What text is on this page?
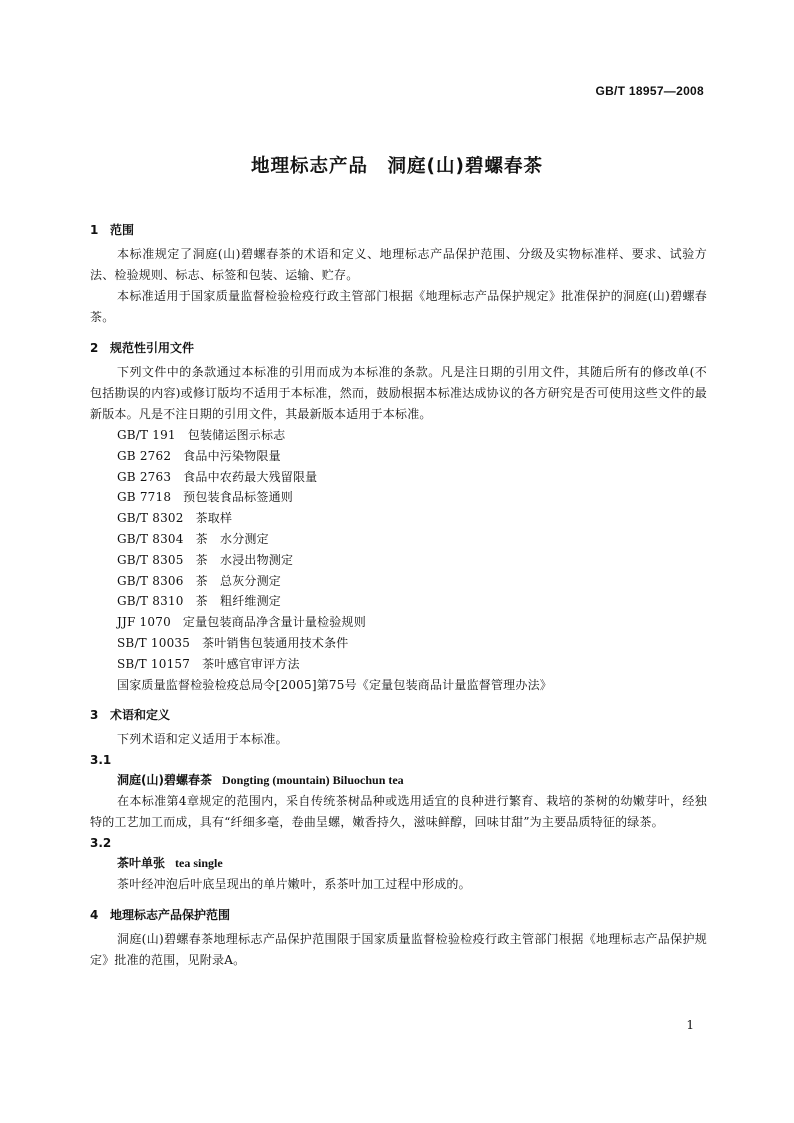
GB/T 18957—2008
地理标志产品　洞庭(山)碧螺春茶
1 范围
本标准规定了洞庭(山)碧螺春茶的术语和定义、地理标志产品保护范围、分级及实物标准样、要求、试验方法、检验规则、标志、标签和包装、运输、贮存。
本标准适用于国家质量监督检验检疫行政主管部门根据《地理标志产品保护规定》批准保护的洞庭(山)碧螺春茶。
2 规范性引用文件
下列文件中的条款通过本标准的引用而成为本标准的条款。凡是注日期的引用文件，其随后所有的修改单(不包括勘误的内容)或修订版均不适用于本标准，然而，鼓励根据本标准达成协议的各方研究是否可使用这些文件的最新版本。凡是不注日期的引用文件，其最新版本适用于本标准。
GB/T 191 包装储运图示标志
GB 2762 食品中污染物限量
GB 2763 食品中农药最大残留限量
GB 7718 预包装食品标签通则
GB/T 8302 茶取样
GB/T 8304 茶　水分测定
GB/T 8305 茶　水浸出物测定
GB/T 8306 茶　总灰分测定
GB/T 8310 茶　粗纤维测定
JJF 1070 定量包装商品净含量计量检验规则
SB/T 10035 茶叶销售包装通用技术条件
SB/T 10157 茶叶感官审评方法
国家质量监督检验检疫总局令[2005]第75号《定量包装商品计量监督管理办法》
3 术语和定义
下列术语和定义适用于本标准。
3.1
洞庭(山)碧螺春茶 Dongting (mountain) Biluochun tea
在本标准第4章规定的范围内，采自传统茶树品种或选用适宜的良种进行繁育、栽培的茶树的幼嫩芽叶，经独特的工艺加工而成，具有“纤细多毫，卷曲呈螺，嫩香持久，滋味鲜醇，回味甘甜”为主要品质特征的绿茶。
3.2
茶叶单张 tea single
茶叶经冲泡后叶底呈现出的单片嫩叶，系茶叶加工过程中形成的。
4 地理标志产品保护范围
洞庭(山)碧螺春茶地理标志产品保护范围限于国家质量监督检验检疫行政主管部门根据《地理标志产品保护规定》批准的范围，见附录A。
1
